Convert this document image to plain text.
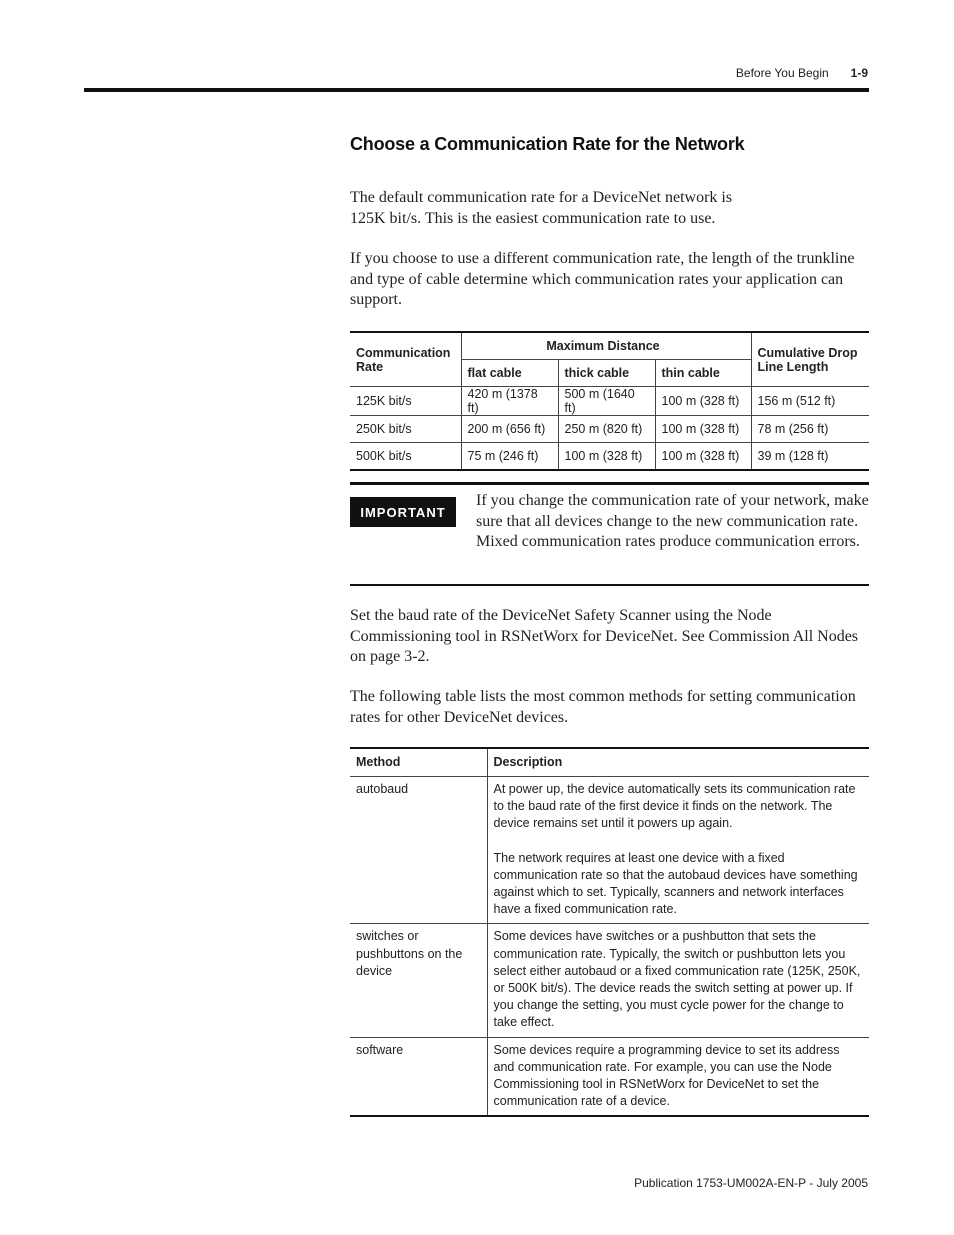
Before You Begin 1-9
Choose a Communication Rate for the Network

The default communication rate for a DeviceNet network is
125K bit/s. This is the easiest communication rate to use.

If you choose to use a different communication rate, the length of the trunkline and type of cable determine which communication rates your application can support.

Communication Rate	Maximum Distance			Cumulative Drop Line Length
	flat cable	thick cable	thin cable	
125K bit/s	420 m (1378 ft)	500 m (1640 ft)	100 m (328 ft)	156 m (512 ft)
250K bit/s	200 m (656 ft)	250 m (820 ft)	100 m (328 ft)	78 m (256 ft)
500K bit/s	75 m (246 ft)	100 m (328 ft)	100 m (328 ft)	39 m (128 ft)
IMPORTANT

If you change the communication rate of your network, make sure that all devices change to the new communication rate. Mixed communication rates produce communication errors.

Set the baud rate of the DeviceNet Safety Scanner using the Node Commissioning tool in RSNetWorx for DeviceNet. See Commission All Nodes on page 3-2.

The following table lists the most common methods for setting communication rates for other DeviceNet devices.

Method	Description
autobaud	At power up, the device automatically sets its communication rate to the baud rate of the first device it finds on the network. The device remains set until it powers up again.
The network requires at least one device with a fixed communication rate so that the autobaud devices have something against which to set. Typically, scanners and network interfaces have a fixed communication rate.

switches or pushbuttons on the device	Some devices have switches or a pushbutton that sets the communication rate. Typically, the switch or pushbutton lets you select either autobaud or a fixed communication rate (125K, 250K, or 500K bit/s). The device reads the switch setting at power up. If you change the setting, you must cycle power for the change to take effect.
software	Some devices require a programming device to set its address and communication rate. For example, you can use the Node Commissioning tool in RSNetWorx for DeviceNet to set the communication rate of a device.
Publication 1753-UM002A-EN-P - July 2005
